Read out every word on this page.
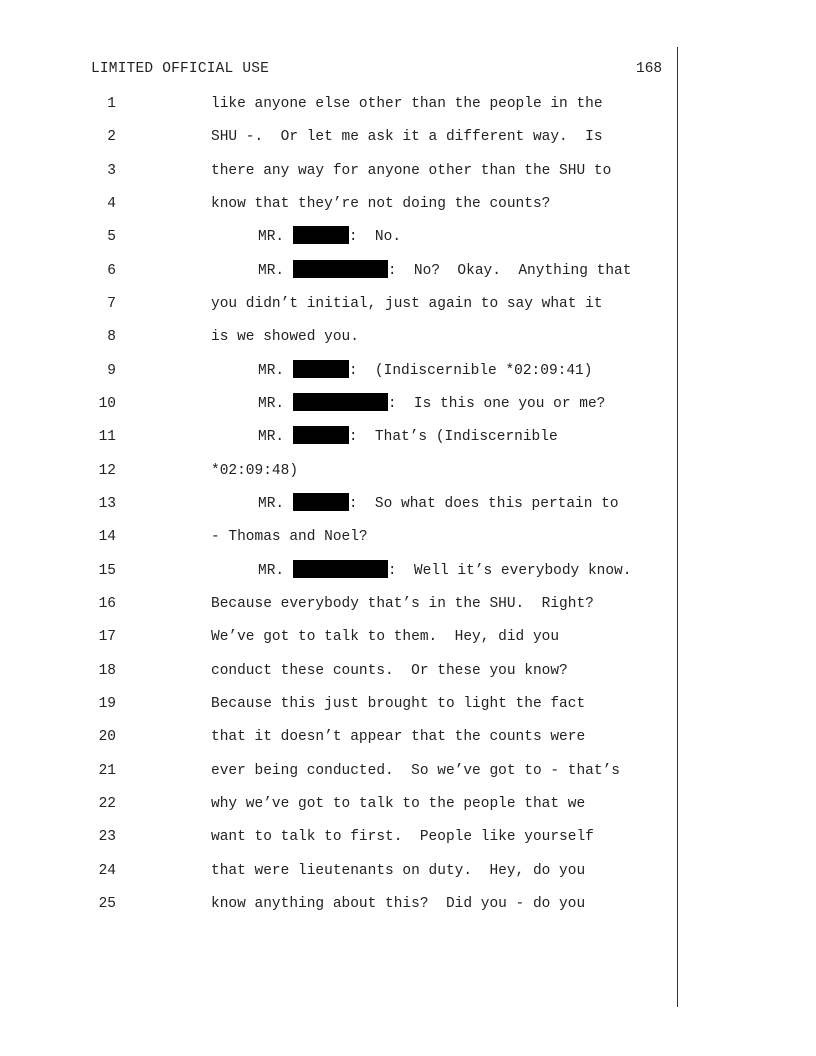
LIMITED OFFICIAL USE	168

1

	like anyone else other than the people in the

2

	SHU -.  Or let me ask it a different way.  Is

3

	there any way for anyone other than the SHU to

4

	know that they’re not doing the counts?

5

	MR.	:  No.

6

	MR.	:  No?  Okay.  Anything that

7

	you didn’t initial, just again to say what it

8

	is we showed you.

9

	MR.	:  (Indiscernible *02:09:41)

10

	MR.	:  Is this one you or me?

11

	MR.	:  That’s (Indiscernible

12

	*02:09:48)

13

	MR.	:  So what does this pertain to

14

	- Thomas and Noel?

15

	MR.	:  Well it’s everybody know.

16

	Because everybody that’s in the SHU.  Right?

17

	We’ve got to talk to them.  Hey, did you

18

	conduct these counts.  Or these you know?

19

	Because this just brought to light the fact

20

	that it doesn’t appear that the counts were

21

	ever being conducted.  So we’ve got to - that’s

22

	why we’ve got to talk to the people that we

23

	want to talk to first.  People like yourself

24

	that were lieutenants on duty.  Hey, do you

25

	know anything about this?  Did you - do you
